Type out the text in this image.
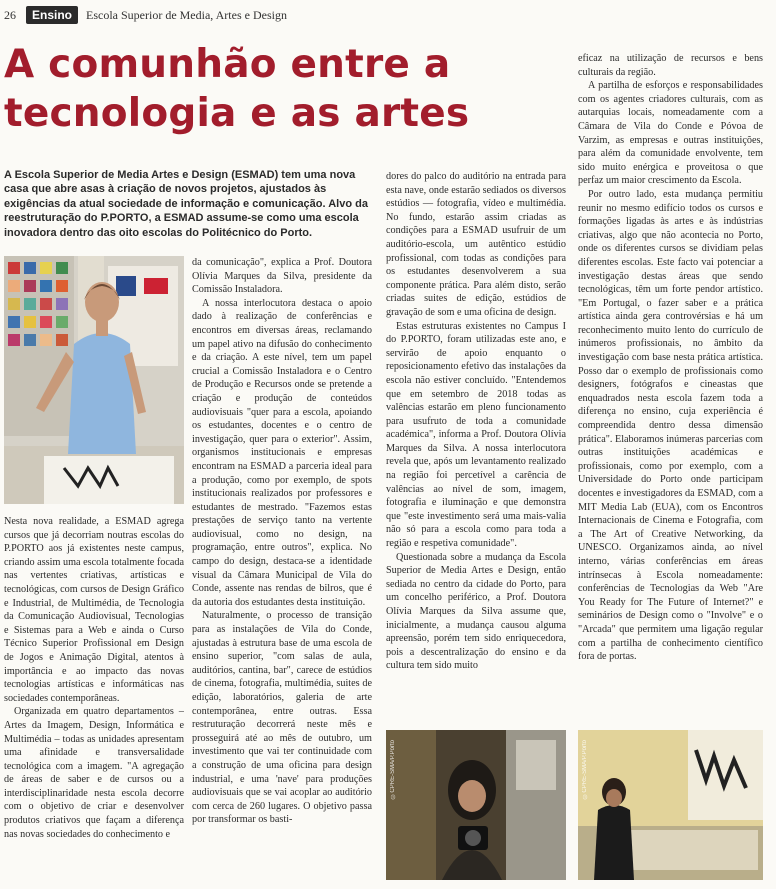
26	Ensino	Escola Superior de Media, Artes e Design
A comunhão entre a
tecnologia e as artes

A Escola Superior de Media Artes e Design (ESMAD) tem uma nova casa que abre asas à criação de novos projetos, ajustados às exigências da atual sociedade de informação e comunicação. Alvo da reestruturação do P.PORTO, a ESMAD assume-se como uma escola inovadora dentro das oito escolas do Politécnico do Porto.

Nesta nova realidade, a ESMAD agrega cursos que já decorriam noutras escolas do P.PORTO aos já existentes neste campus, criando assim uma escola totalmente focada nas vertentes criativas, artísticas e tecnológicas, com cursos de Design Gráfico e Industrial, de Multimédia, de Tecnologia da Comunicação Audiovisual, Tecnologias e Sistemas para a Web e ainda o Curso Técnico Superior Profissional em Design de Jogos e Animação Digital, atentos à importância e ao impacto das novas tecnologias artísticas e informáticas nas sociedades contemporâneas.

Organizada em quatro departamentos – Artes da Imagem, Design, Informática e Multimédia – todas as unidades apresentam uma afinidade e transversalidade tecnológica com a imagem. "A agregação de áreas de saber e de cursos ou a interdisciplinaridade nesta escola decorre com o objetivo de criar e desenvolver produtos criativos que façam a diferença nas novas sociedades do conhecimento e

da comunicação", explica a Prof. Doutora Olívia Marques da Silva, presidente da Comissão Instaladora.

A nossa interlocutora destaca o apoio dado à realização de conferências e encontros em diversas áreas, reclamando um papel ativo na difusão do conhecimento e da criação. A este nível, tem um papel crucial a Comissão Instaladora e o Centro de Produção e Recursos onde se pretende a criação e produção de conteúdos audiovisuais "quer para a escola, apoiando os estudantes, docentes e o centro de investigação, quer para o exterior". Assim, organismos institucionais e empresas encontram na ESMAD a parceria ideal para a produção, como por exemplo, de spots institucionais realizados por professores e estudantes de mestrado. "Fazemos estas prestações de serviço tanto na vertente audiovisual, como no design, na programação, entre outros", explica. No campo do design, destaca-se a identidade visual da Câmara Municipal de Vila do Conde, assente nas rendas de bilros, que é da autoria dos estudantes desta instituição.

Naturalmente, o processo de transição para as instalações de Vila do Conde, ajustadas à estrutura base de uma escola de ensino superior, "com salas de aula, auditórios, cantina, bar", carece de estúdios de cinema, fotografia, multimédia, suites de edição, laboratórios, galeria de arte contemporânea, entre outras. Essa restruturação decorrerá neste mês e prosseguirá até ao mês de outubro, um investimento que vai ter continuidade com a construção de uma oficina para design industrial, e uma 'nave' para produções audiovisuais que se vai acoplar ao auditório com cerca de 260 lugares. O objetivo passa por transformar os basti-

dores do palco do auditório na entrada para esta nave, onde estarão sediados os diversos estúdios — fotografia, vídeo e multimédia. No fundo, estarão assim criadas as condições para a ESMAD usufruir de um auditório-escola, um autêntico estúdio profissional, com todas as condições para os estudantes desenvolverem a sua componente prática. Para além disto, serão criadas suites de edição, estúdios de gravação de som e uma oficina de design.

Estas estruturas existentes no Campus I do P.PORTO, foram utilizadas este ano, e servirão de apoio enquanto o reposicionamento efetivo das instalações da escola não estiver concluído. "Entendemos que em setembro de 2018 todas as valências estarão em pleno funcionamento para usufruto de toda a comunidade académica", informa a Prof. Doutora Olívia Marques da Silva. A nossa interlocutora revela que, após um levantamento realizado na região foi percetível a carência de valências ao nível de som, imagem, fotografia e iluminação e que demonstra que "este investimento será uma mais-valia não só para a escola como para toda a região e respetiva comunidade".

Questionada sobre a mudança da Escola Superior de Media Artes e Design, então sediada no centro da cidade do Porto, para um concelho periférico, a Prof. Doutora Olívia Marques da Silva assume que, inicialmente, a mudança causou alguma apreensão, porém tem sido enriquecedora, pois a descentralização do ensino e da cultura tem sido muito

eficaz na utilização de recursos e bens culturais da região.

A partilha de esforços e responsabilidades com os agentes criadores culturais, com as autarquias locais, nomeadamente com a Câmara de Vila do Conde e Póvoa de Varzim, as empresas e outras instituições, para além da comunidade envolvente, tem sido muito enérgica e proveitosa o que perfaz um maior crescimento da Escola.

Por outro lado, esta mudança permitiu reunir no mesmo edifício todos os cursos e formações ligadas às artes e às indústrias criativas, algo que não acontecia no Porto, onde os diferentes cursos se dividiam pelas diferentes escolas. Este facto vai potenciar a investigação destas áreas que sendo tecnológicas, têm um forte pendor artístico. "Em Portugal, o fazer saber e a prática artística ainda gera controvérsias e há um reconhecimento muito lento do currículo de inúmeros profissionais, no âmbito da investigação com base nesta prática artística. Posso dar o exemplo de profissionais como designers, fotógrafos e cineastas que enquadrados nesta escola fazem toda a diferença no ensino, cuja experiência é compreendida dentro dessa dimensão prática". Elaboramos inúmeras parcerias com outras instituições académicas e profissionais, como por exemplo, com a Universidade do Porto onde participam docentes e investigadores da ESMAD, com a MIT Media Lab (EUA), com os Encontros Internacionais de Cinema e Fotografia, com a The Art of Creative Networking, da UNESCO. Organizamos ainda, ao nível interno, várias conferências em áreas intrínsecas à Escola nomeadamente: conferências de Tecnologias da Web "Are You Ready for The Future of Internet?" e seminários de Design como o "Involve" e o "Arcada" que permitem uma ligação regular com a partilha de conhecimento científico fora de portas.

©CPRE-SMA/P.Porto	©CPRE-SMA/P.Porto
